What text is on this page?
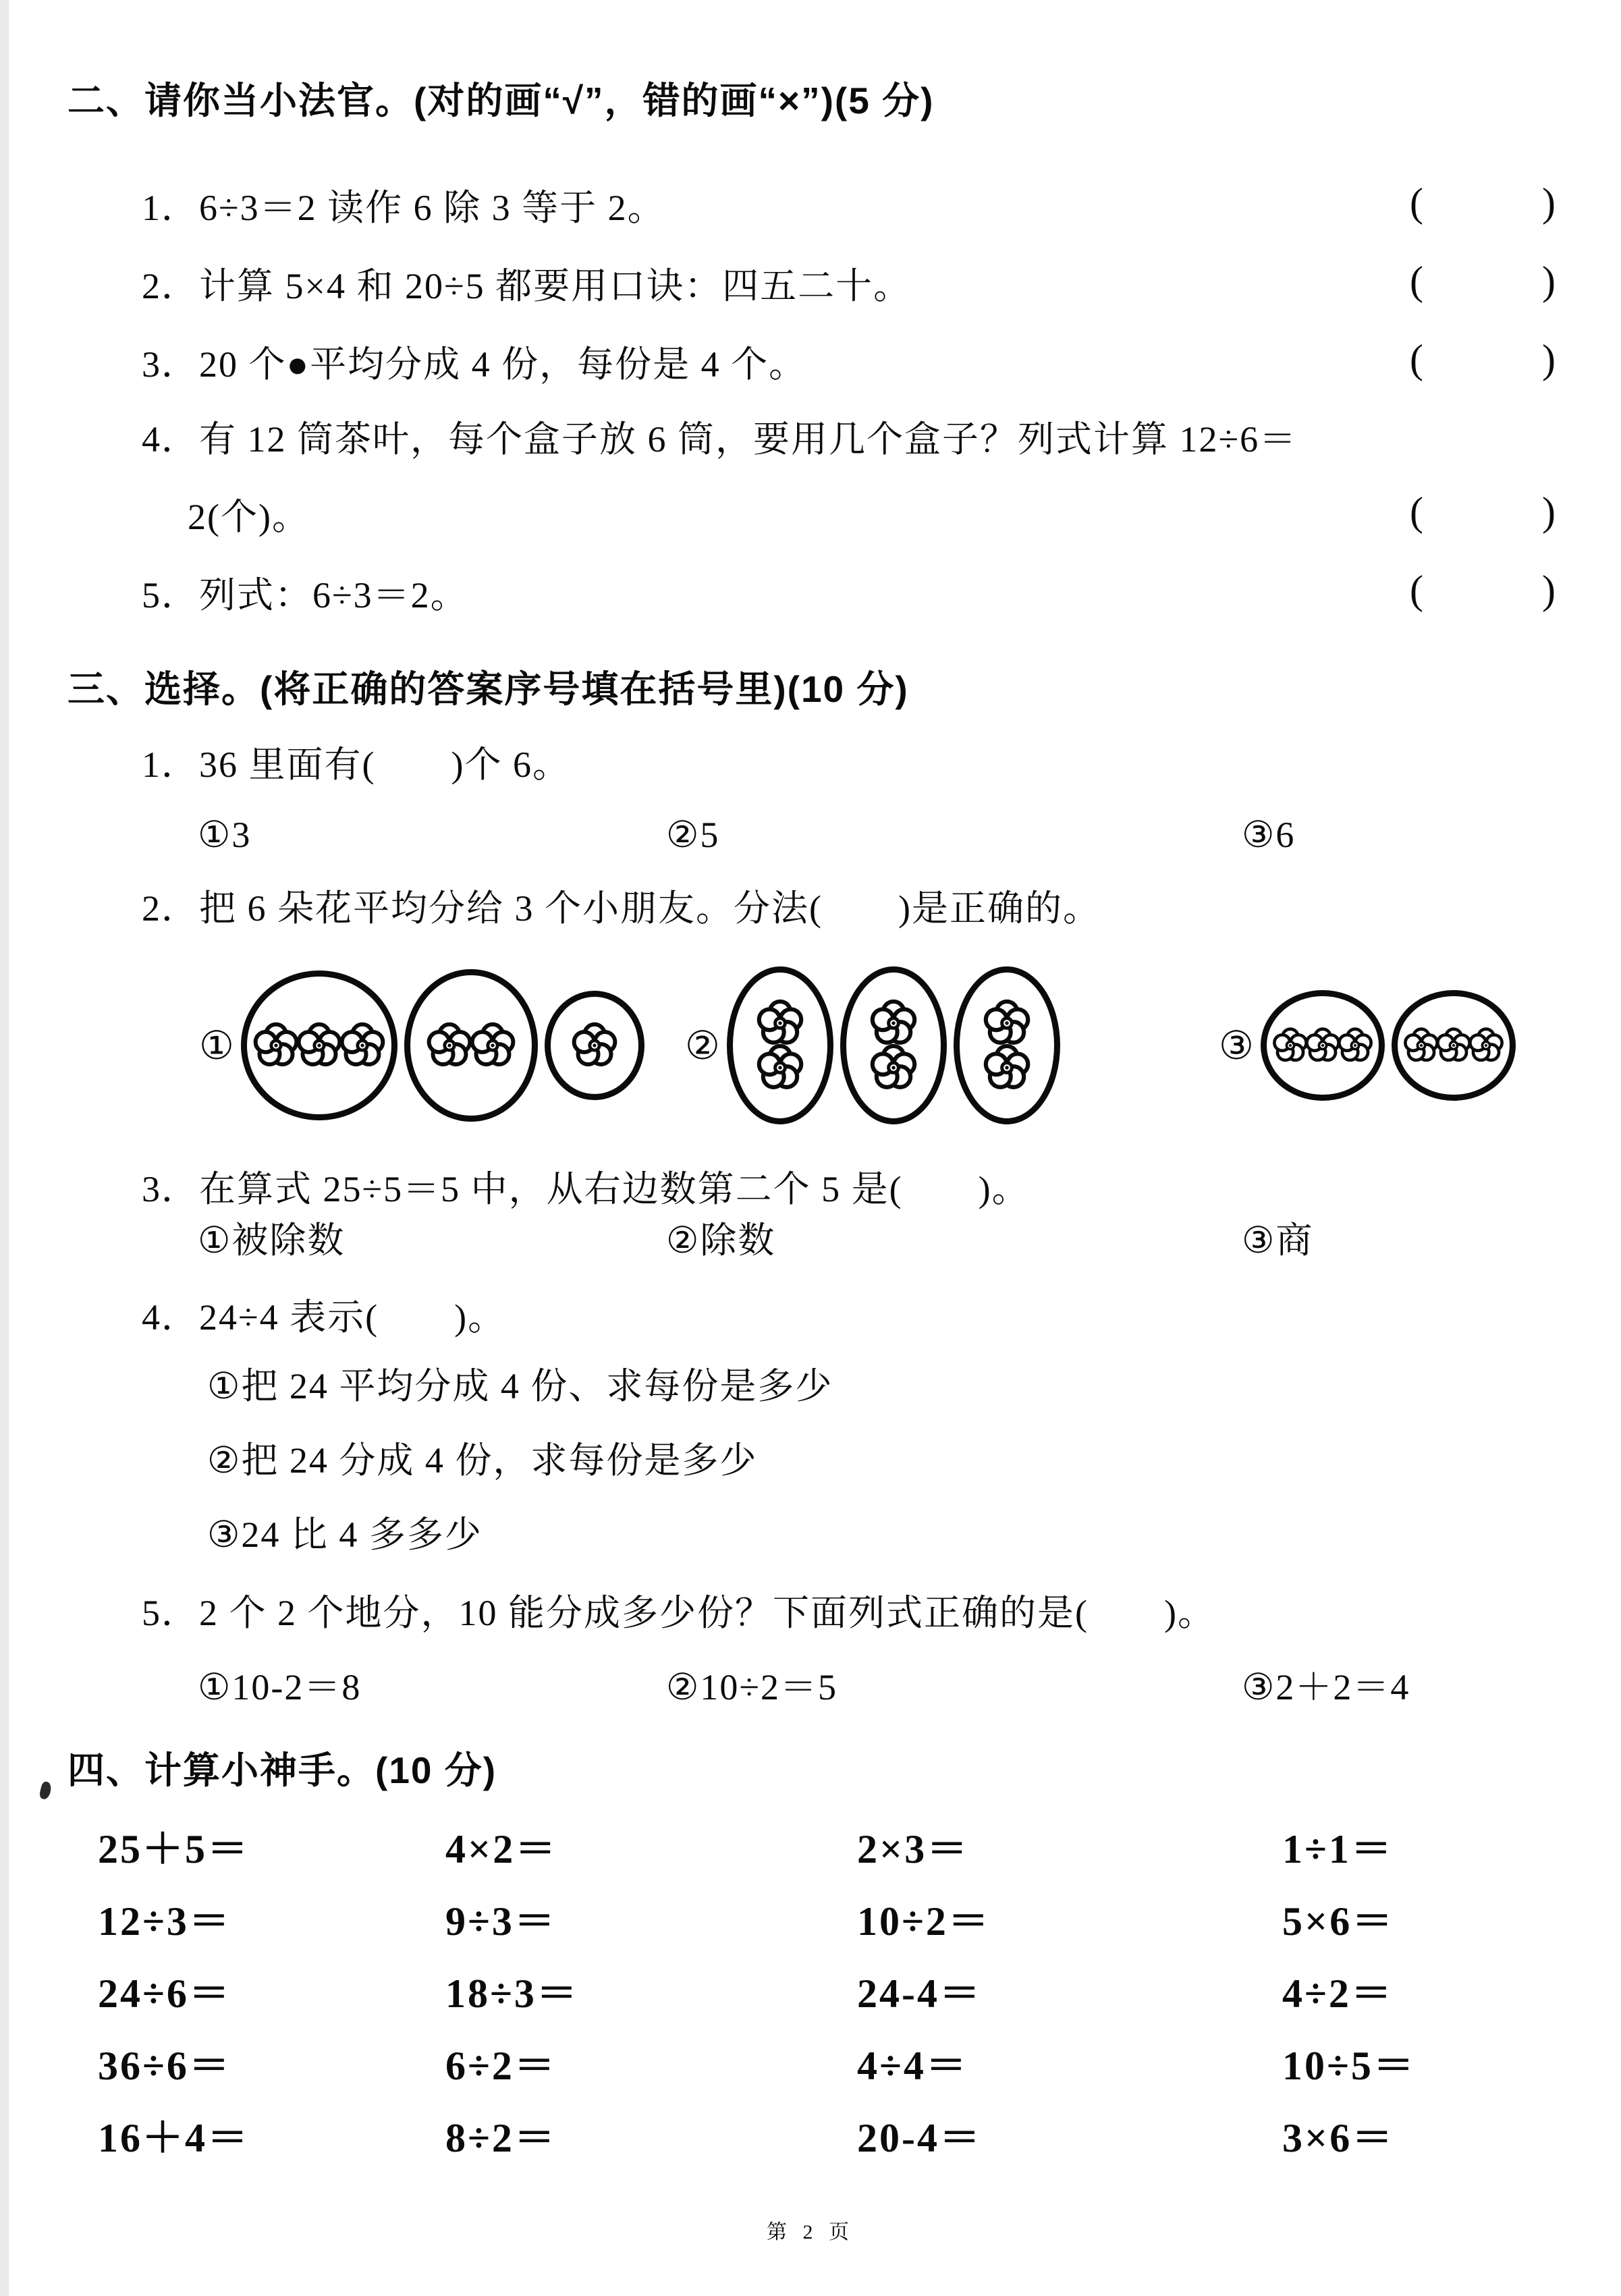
二、请你当小法官。(对的画“√”，错的画“×”)(5 分)
1． 6÷3＝2 读作 6 除 3 等于 2。	(	)
2． 计算 5×4 和 20÷5 都要用口诀：四五二十。	(	)
3． 20 个●平均分成 4 份，每份是 4 个。	(	)
4． 有 12 筒茶叶，每个盒子放 6 筒，要用几个盒子？列式计算 12÷6＝
2(个)。	(	)
5． 列式：6÷3＝2。	(	)
三、选择。(将正确的答案序号填在括号里)(10 分)
1． 36 里面有(　　)个 6。
①3	②5	③6
2． 把 6 朵花平均分给 3 个小朋友。分法(　　)是正确的。
①	②	③
3． 在算式 25÷5＝5 中，从右边数第二个 5 是(　　)。
①被除数	②除数	③商
4． 24÷4 表示(　　)。
①把 24 平均分成 4 份、求每份是多少
②把 24 分成 4 份，求每份是多少
③24 比 4 多多少
5． 2 个 2 个地分，10 能分成多少份？下面列式正确的是(　　)。
①10-2＝8	②10÷2＝5	③2＋2＝4
四、计算小神手。(10 分)
25＋5＝	4×2＝	2×3＝	1÷1＝
12÷3＝	9÷3＝	10÷2＝	5×6＝
24÷6＝	18÷3＝	24-4＝	4÷2＝
36÷6＝	6÷2＝	4÷4＝	10÷5＝
16＋4＝	8÷2＝	20-4＝	3×6＝
第 2 页
